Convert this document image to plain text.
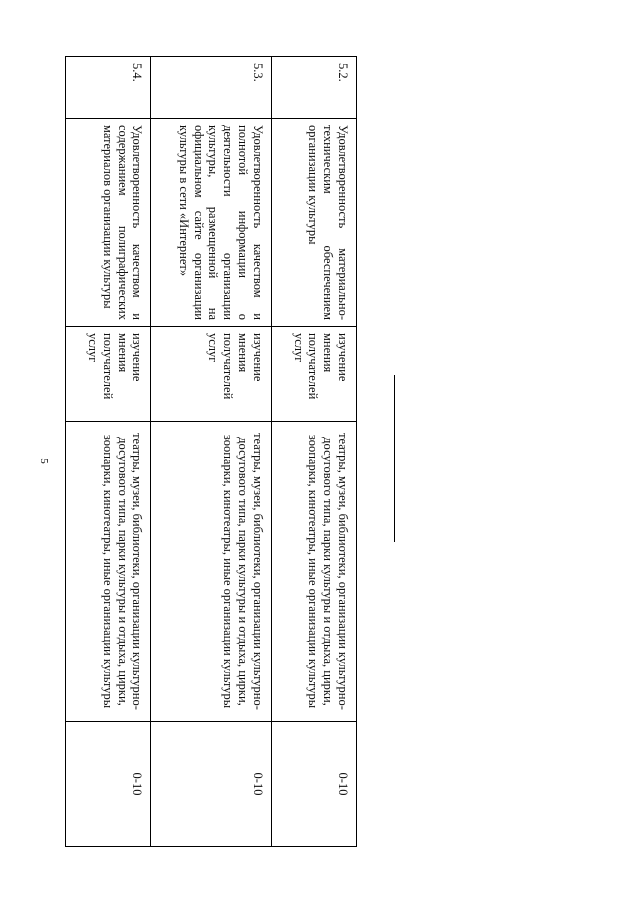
5
5.2.	Удовлетворенность материально-техническим обеспечением организации культуры	изучение мнения получателей услуг	театры, музеи, библиотеки, организации культурно-досугового типа, парки культуры и отдыха, цирки, зоопарки, кинотеатры, иные организации культуры	0-10
5.3.	Удовлетворенность качеством и полнотой информации о деятельности организации культуры, размещенной на официальном сайте организации культуры в сети «Интернет»	изучение мнения получателей услуг	театры, музеи, библиотеки, организации культурно-досугового типа, парки культуры и отдыха, цирки, зоопарки, кинотеатры, иные организации культуры	0-10
5.4.	Удовлетворенность качеством и содержанием полиграфических материалов организации культуры	изучение мнения получателей услуг	театры, музеи, библиотеки, организации культурно-досугового типа, парки культуры и отдыха, цирки, зоопарки, кинотеатры, иные организации культуры	0-10
